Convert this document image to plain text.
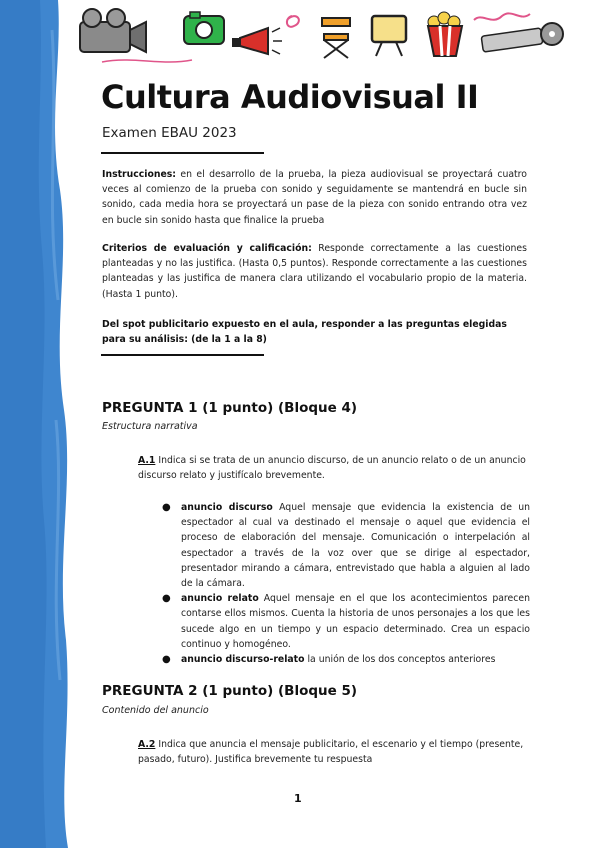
Cultura Audiovisual II
Examen EBAU 2023
Instrucciones: en el desarrollo de la prueba, la pieza audiovisual se proyectará cuatro veces al comienzo de la prueba con sonido y seguidamente se mantendrá en bucle sin sonido, cada media hora se proyectará un pase de la pieza con sonido entrando otra vez en bucle sin sonido hasta que finalice la prueba
Criterios de evaluación y calificación: Responde correctamente a las cuestiones planteadas y no las justifica. (Hasta 0,5 puntos). Responde correctamente a las cuestiones planteadas y las justifica de manera clara utilizando el vocabulario propio de la materia. (Hasta 1 punto).
Del spot publicitario expuesto en el aula, responder a las preguntas elegidas para su análisis: (de la 1 a la 8)
PREGUNTA 1 (1 punto) (Bloque 4)
Estructura narrativa
A.1 Indica si se trata de un anuncio discurso, de un anuncio relato o de un anuncio discurso relato y justifícalo brevemente.
● anuncio discurso Aquel mensaje que evidencia la existencia de un espectador al cual va destinado el mensaje o aquel que evidencia el proceso de elaboración del mensaje. Comunicación o interpelación al espectador a través de la voz over que se dirige al espectador, presentador mirando a cámara, entrevistado que habla a alguien al lado de la cámara.
● anuncio relato Aquel mensaje en el que los acontecimientos parecen contarse ellos mismos. Cuenta la historia de unos personajes a los que les sucede algo en un tiempo y un espacio determinado. Crea un espacio continuo y homogéneo.
● anuncio discurso-relato la unión de los dos conceptos anteriores
PREGUNTA 2 (1 punto) (Bloque 5)
Contenido del anuncio
A.2 Indica que anuncia el mensaje publicitario, el escenario y el tiempo (presente, pasado, futuro). Justifica brevemente tu respuesta
1
